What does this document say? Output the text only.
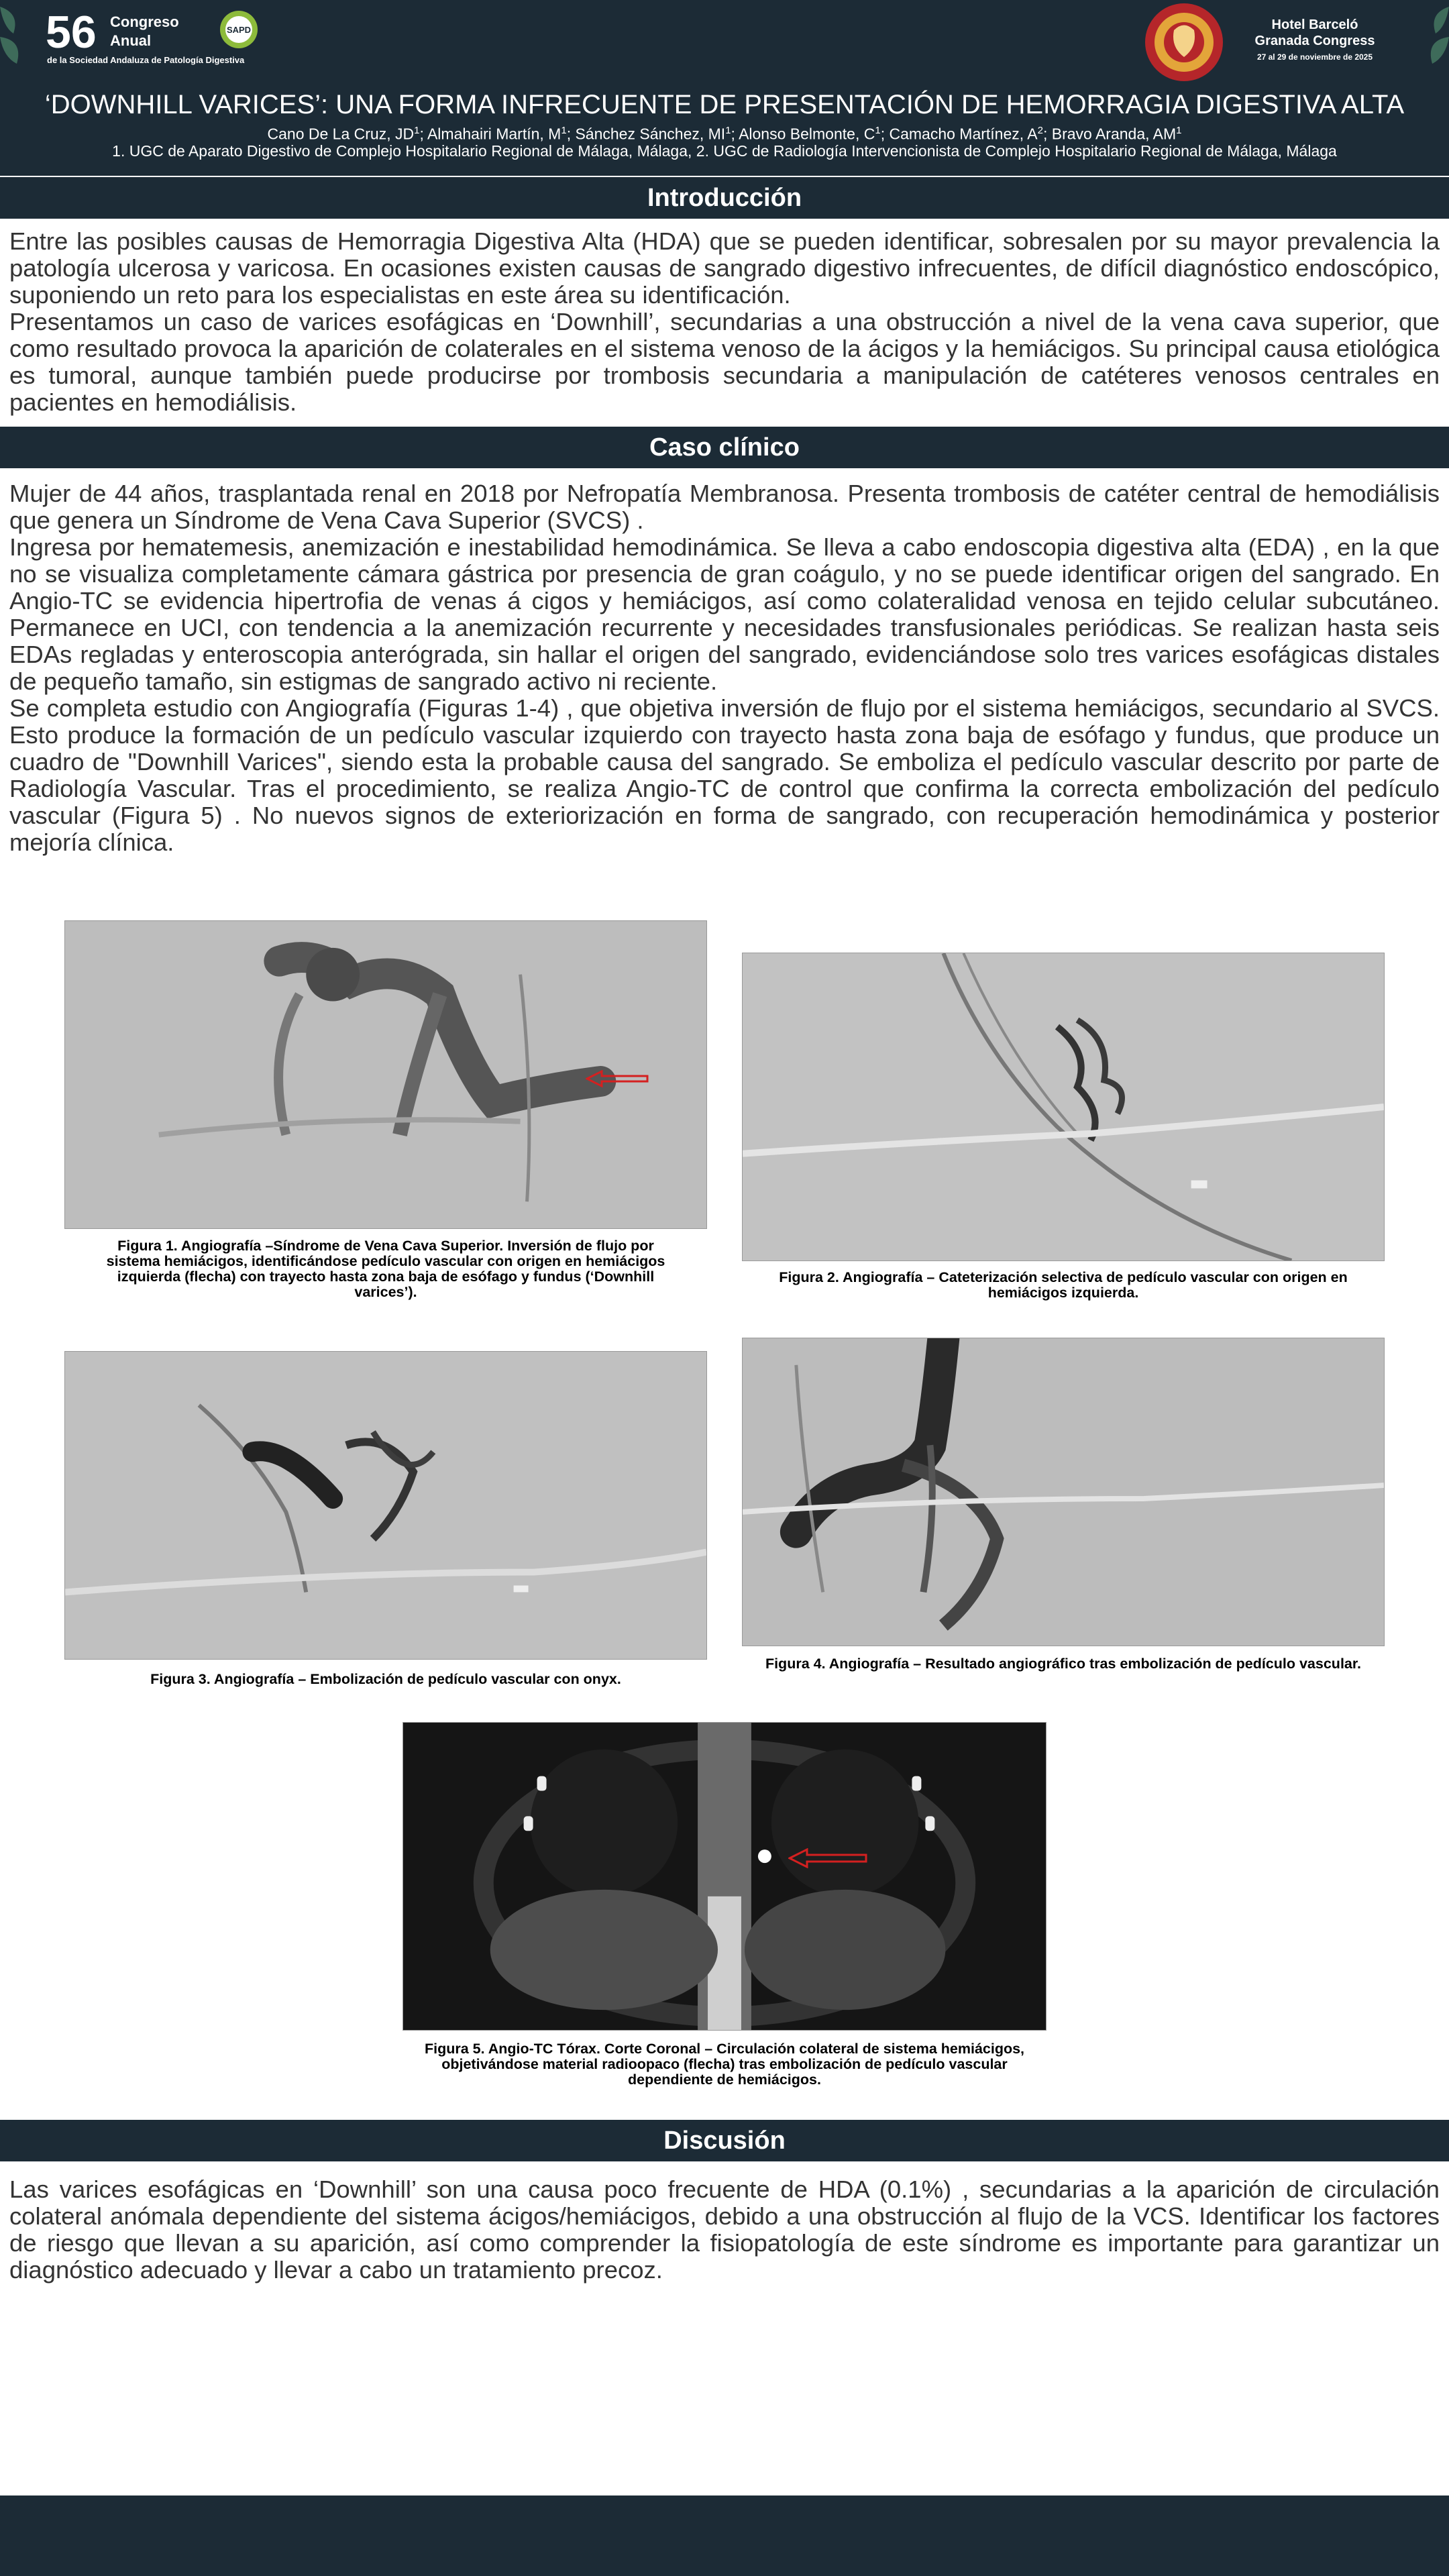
56 Congreso
Anual
SAPD
de la Sociedad Andaluza de Patología Digestiva
Hotel Barceló
Granada Congress
27 al 29 de noviembre de 2025
‘DOWNHILL VARICES’: UNA FORMA INFRECUENTE DE PRESENTACIÓN DE HEMORRAGIA DIGESTIVA ALTA
Cano De La Cruz, $JD^1$; Almahairi Martín, $M^1$; Sánchez Sánchez, $MI^1$; Alonso Belmonte, $C^1$; Camacho Martínez, $A^2$; Bravo Aranda, $AM^1$
1. UGC de Aparato Digestivo de Complejo Hospitalario Regional de Málaga, Málaga, 2. UGC de Radiología Intervencionista de Complejo Hospitalario Regional de Málaga, Málaga
Introducción

Entre las posibles causas de Hemorragia Digestiva Alta (HDA) que se pueden identificar, sobresalen por su mayor prevalencia la patología ulcerosa y varicosa. En ocasiones existen causas de sangrado digestivo infrecuentes, de difícil diagnóstico endoscópico, suponiendo un reto para los especialistas en este área su identificación.

Presentamos un caso de varices esofágicas en ‘Downhill’, secundarias a una obstrucción a nivel de la vena cava superior, que como resultado provoca la aparición de colaterales en el sistema venoso de la ácigos y la hemiácigos. Su principal causa etiológica es tumoral, aunque también puede producirse por trombosis secundaria a manipulación de catéteres venosos centrales en pacientes en hemodiálisis.

Caso clínico

Mujer de 44 años, trasplantada renal en 2018 por Nefropatía Membranosa. Presenta trombosis de catéter central de hemodiálisis que genera un Síndrome de Vena Cava Superior (SVCS) .

Ingresa por hematemesis, anemización e inestabilidad hemodinámica. Se lleva a cabo endoscopia digestiva alta (EDA) , en la que no se visualiza completamente cámara gástrica por presencia de gran coágulo, y no se puede identificar origen del sangrado. En Angio-TC se evidencia hipertrofia de venas á cigos y hemiácigos, así como colateralidad venosa en tejido celular subcutáneo. Permanece en UCI, con tendencia a la anemización recurrente y necesidades transfusionales periódicas. Se realizan hasta seis EDAs regladas y enteroscopia anterógrada, sin hallar el origen del sangrado, evidenciándose solo tres varices esofágicas distales de pequeño tamaño, sin estigmas de sangrado activo ni reciente.

Se completa estudio con Angiografía (Figuras 1-4) , que objetiva inversión de flujo por el sistema hemiácigos, secundario al SVCS. Esto produce la formación de un pedículo vascular izquierdo con trayecto hasta zona baja de esófago y fundus, que produce un cuadro de "Downhill Varices", siendo esta la probable causa del sangrado. Se emboliza el pedículo vascular descrito por parte de Radiología Vascular. Tras el procedimiento, se realiza Angio-TC de control que confirma la correcta embolización del pedículo vascular (Figura 5) . No nuevos signos de exteriorización en forma de sangrado, con recuperación hemodinámica y posterior mejoría clínica.

Figura 1. Angiografía –Síndrome de Vena Cava Superior. Inversión de flujo por sistema hemiácigos, identificándose pedículo vascular con origen en hemiácigos izquierda (flecha) con trayecto hasta zona baja de esófago y fundus (‘Downhill varices’).
Figura 2. Angiografía – Cateterización selectiva de pedículo vascular con origen en hemiácigos izquierda.
Figura 3. Angiografía – Embolización de pedículo vascular con onyx.
Figura 4. Angiografía – Resultado angiográfico tras embolización de pedículo vascular.
Figura 5. Angio-TC Tórax. Corte Coronal – Circulación colateral de sistema hemiácigos, objetivándose material radioopaco (flecha) tras embolización de pedículo vascular dependiente de hemiácigos.
Discusión

Las varices esofágicas en ‘Downhill’ son una causa poco frecuente de HDA (0.1%) , secundarias a la aparición de circulación colateral anómala dependiente del sistema ácigos/hemiácigos, debido a una obstrucción al flujo de la VCS. Identificar los factores de riesgo que llevan a su aparición, así como comprender la fisiopatología de este síndrome es importante para garantizar un diagnóstico adecuado y llevar a cabo un tratamiento precoz.
